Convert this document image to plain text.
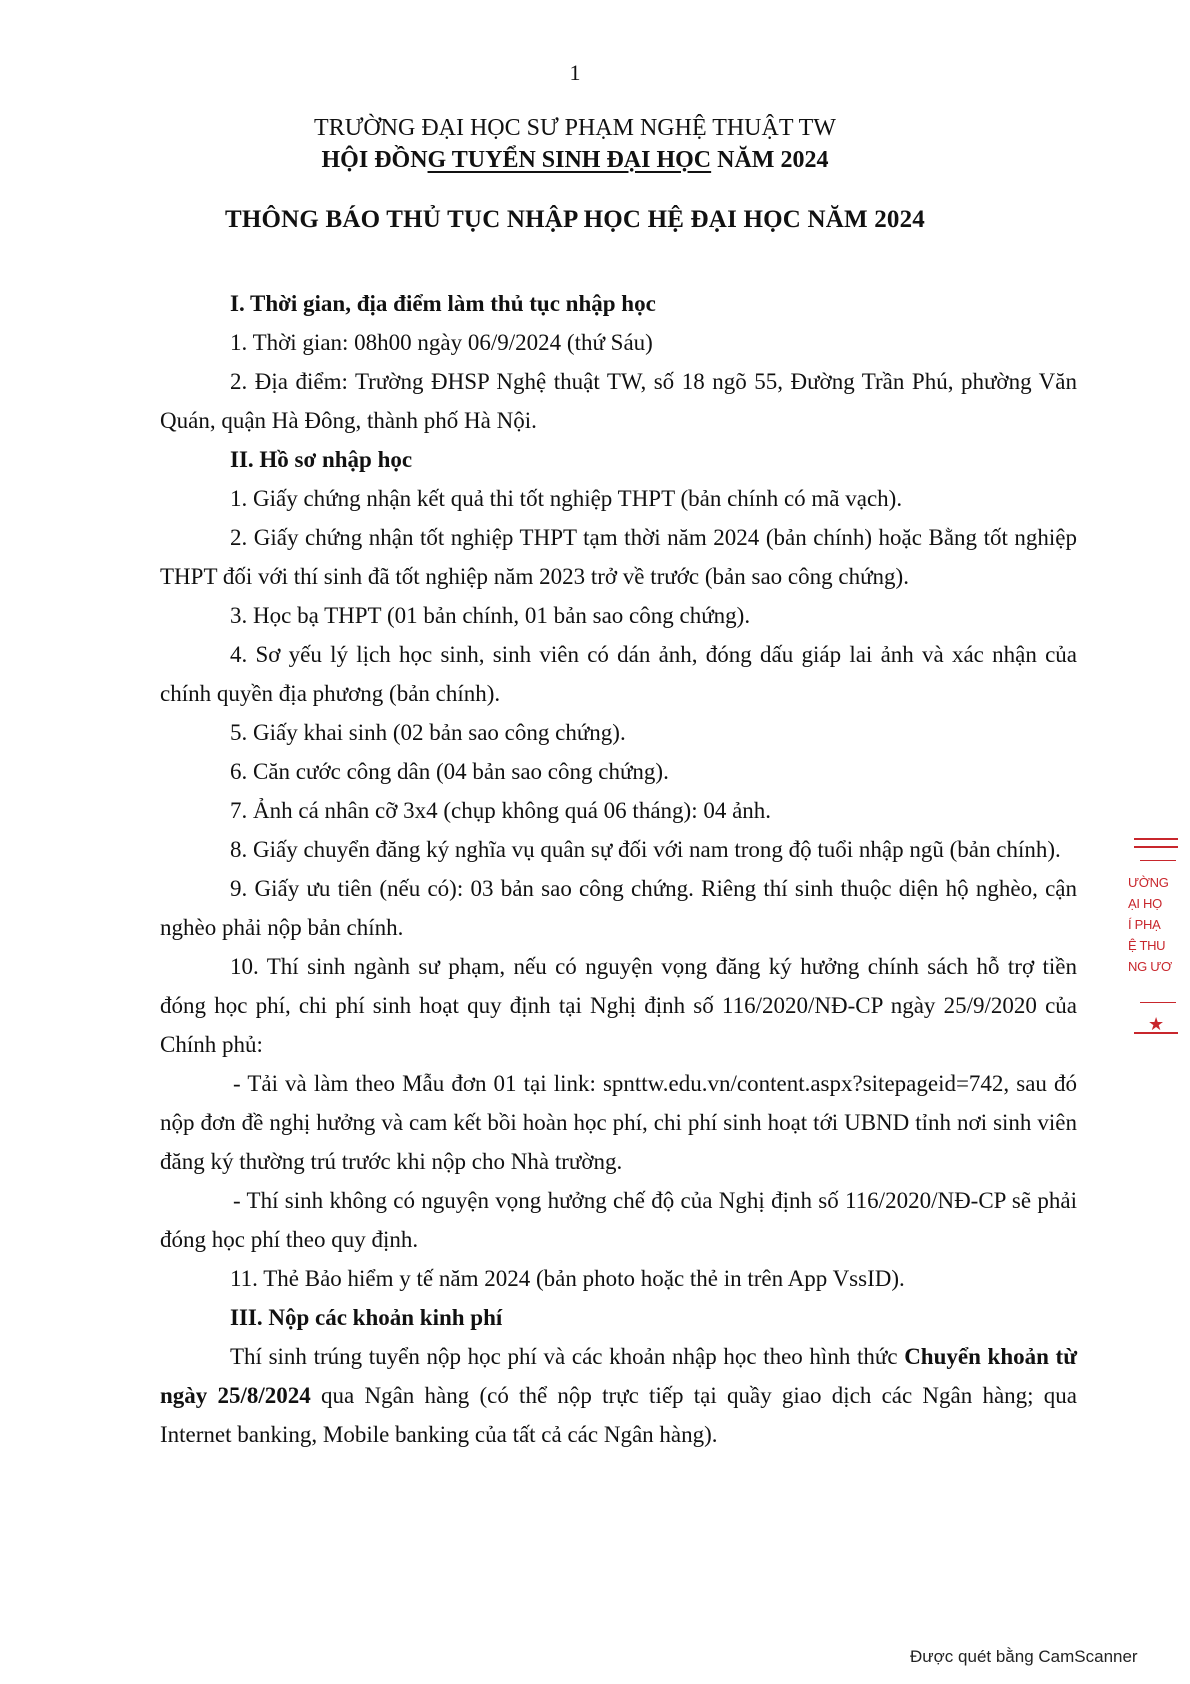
1
TRƯỜNG ĐẠI HỌC SƯ PHẠM NGHỆ THUẬT TW
HỘI ĐỒNG TUYỂN SINH ĐẠI HỌC NĂM 2024
THÔNG BÁO THỦ TỤC NHẬP HỌC HỆ ĐẠI HỌC NĂM 2024

I. Thời gian, địa điểm làm thủ tục nhập học

1. Thời gian: 08h00 ngày 06/9/2024 (thứ Sáu)

2. Địa điểm: Trường ĐHSP Nghệ thuật TW, số 18 ngõ 55, Đường Trần Phú, phường Văn Quán, quận Hà Đông, thành phố Hà Nội.

II. Hồ sơ nhập học

1. Giấy chứng nhận kết quả thi tốt nghiệp THPT (bản chính có mã vạch).

2. Giấy chứng nhận tốt nghiệp THPT tạm thời năm 2024 (bản chính) hoặc Bằng tốt nghiệp THPT đối với thí sinh đã tốt nghiệp năm 2023 trở về trước (bản sao công chứng).

3. Học bạ THPT (01 bản chính, 01 bản sao công chứng).

4. Sơ yếu lý lịch học sinh, sinh viên có dán ảnh, đóng dấu giáp lai ảnh và xác nhận của chính quyền địa phương (bản chính).

5. Giấy khai sinh (02 bản sao công chứng).

6. Căn cước công dân (04 bản sao công chứng).

7. Ảnh cá nhân cỡ 3x4 (chụp không quá 06 tháng): 04 ảnh.

8. Giấy chuyển đăng ký nghĩa vụ quân sự đối với nam trong độ tuổi nhập ngũ (bản chính).

9. Giấy ưu tiên (nếu có): 03 bản sao công chứng. Riêng thí sinh thuộc diện hộ nghèo, cận nghèo phải nộp bản chính.

10. Thí sinh ngành sư phạm, nếu có nguyện vọng đăng ký hưởng chính sách hỗ trợ tiền đóng học phí, chi phí sinh hoạt quy định tại Nghị định số 116/2020/NĐ-CP ngày 25/9/2020 của Chính phủ:

- Tải và làm theo Mẫu đơn 01 tại link: spnttw.edu.vn/content.aspx?sitepageid=742, sau đó nộp đơn đề nghị hưởng và cam kết bồi hoàn học phí, chi phí sinh hoạt tới UBND tỉnh nơi sinh viên đăng ký thường trú trước khi nộp cho Nhà trường.

- Thí sinh không có nguyện vọng hưởng chế độ của Nghị định số 116/2020/NĐ-CP sẽ phải đóng học phí theo quy định.

11. Thẻ Bảo hiểm y tế năm 2024 (bản photo hoặc thẻ in trên App VssID).

III. Nộp các khoản kinh phí

Thí sinh trúng tuyển nộp học phí và các khoản nhập học theo hình thức Chuyển khoản từ ngày 25/8/2024 qua Ngân hàng (có thể nộp trực tiếp tại quầy giao dịch các Ngân hàng; qua Internet banking, Mobile banking của tất cả các Ngân hàng).

ƯỜNG
ẠI HỌ
Í PHẠ
Ệ THU
NG ƯƠ
★
Được quét bằng CamScanner
